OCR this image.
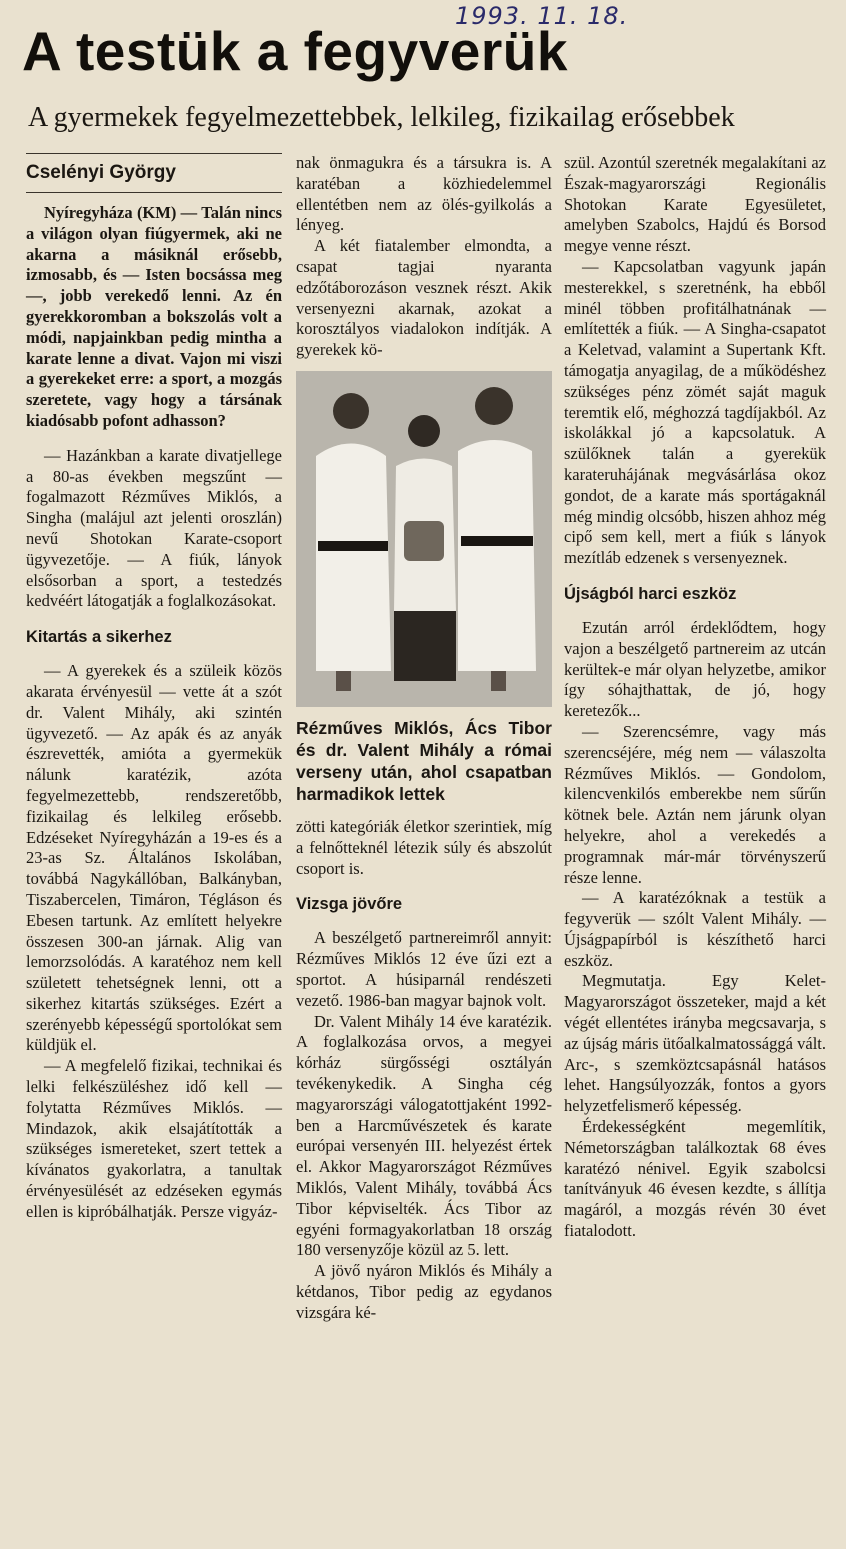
1993. 11. 18.
A testük a fegyverük
A gyermekek fegyelmezettebbek, lelkileg, fizikailag erősebbek
Cselényi György

Nyíregyháza (KM) — Talán nincs a világon olyan fiúgyermek, aki ne akarna a másiknál erősebb, izmosabb, és — Isten bocsássa meg —, jobb verekedő lenni. Az én gyerekkoromban a bokszolás volt a módi, napjainkban pedig mintha a karate lenne a divat. Vajon mi viszi a gyerekeket erre: a sport, a mozgás szeretete, vagy hogy a társának kiadósabb pofont adhasson?

— Hazánkban a karate divatjellege a 80-as években megszűnt — fogalmazott Rézműves Miklós, a Singha (malájul azt jelenti oroszlán) nevű Shotokan Karate-csoport ügyvezetője. — A fiúk, lányok elsősorban a sport, a testedzés kedvéért látogatják a foglalkozásokat.

Kitartás a sikerhez

— A gyerekek és a szüleik közös akarata érvényesül — vette át a szót dr. Valent Mihály, aki szintén ügyvezető. — Az apák és az anyák észrevették, amióta a gyermekük nálunk karatézik, azóta fegyelmezettebb, rendszeretőbb, fizikailag és lelkileg erősebb. Edzéseket Nyíregyházán a 19-es és a 23-as Sz. Általános Iskolában, továbbá Nagykállóban, Balkányban, Tiszabercelen, Timáron, Tégláson és Ebesen tartunk. Az említett helyekre összesen 300-an járnak. Alig van lemorzsolódás. A karatéhoz nem kell született tehetségnek lenni, ott a sikerhez kitartás szükséges. Ezért a szerényebb képességű sportolókat sem küldjük el.

— A megfelelő fizikai, technikai és lelki felkészüléshez idő kell — folytatta Rézműves Miklós. — Mindazok, akik elsajátították a szükséges ismereteket, szert tettek a kívánatos gyakorlatra, a tanultak érvényesülését az edzéseken egymás ellen is kipróbálhatják. Persze vigyáz-

nak önmagukra és a társukra is. A karatéban a közhiedelemmel ellentétben nem az ölés-gyilkolás a lényeg.

A két fiatalember elmondta, a csapat tagjai nyaranta edzőtáborozáson vesznek részt. Akik versenyezni akarnak, azokat a korosztályos viadalokon indítják. A gyerekek kö-

Rézműves Miklós, Ács Tibor és dr. Valent Mihály a római verseny után, ahol csapatban harmadikok lettek

zötti kategóriák életkor szerintiek, míg a felnőtteknél létezik súly és abszolút csoport is.

Vizsga jövőre

A beszélgető partnereimről annyit: Rézműves Miklós 12 éve űzi ezt a sportot. A húsiparnál rendészeti vezető. 1986-ban magyar bajnok volt.

Dr. Valent Mihály 14 éve karatézik. A foglalkozása orvos, a megyei kórház sürgősségi osztályán tevékenykedik. A Singha cég magyarországi válogatottjaként 1992-ben a Harcművészetek és karate európai versenyén III. helyezést értek el. Akkor Magyarországot Rézműves Miklós, Valent Mihály, továbbá Ács Tibor képviselték. Ács Tibor az egyéni formagyakorlatban 18 ország 180 versenyzője közül az 5. lett.

A jövő nyáron Miklós és Mihály a kétdanos, Tibor pedig az egydanos vizsgára ké-

szül. Azontúl szeretnék megalakítani az Észak-magyarországi Regionális Shotokan Karate Egyesületet, amelyben Szabolcs, Hajdú és Borsod megye venne részt.

— Kapcsolatban vagyunk japán mesterekkel, s szeretnénk, ha ebből minél többen profitálhatnának — említették a fiúk. — A Singha-csapatot a Keletvad, valamint a Supertank Kft. támogatja anyagilag, de a működéshez szükséges pénz zömét saját maguk teremtik elő, méghozzá tagdíjakból. Az iskolákkal jó a kapcsolatuk. A szülőknek talán a gyerekük karateruhájának megvásárlása okoz gondot, de a karate más sportágaknál még mindig olcsóbb, hiszen ahhoz még cipő sem kell, mert a fiúk s lányok mezítláb edzenek s versenyeznek.

Újságból harci eszköz

Ezután arról érdeklődtem, hogy vajon a beszélgető partnereim az utcán kerültek-e már olyan helyzetbe, amikor így sóhajthattak, de jó, hogy keretezők...

— Szerencsémre, vagy más szerencséjére, még nem — válaszolta Rézműves Miklós. — Gondolom, kilencvenkilós emberekbe nem sűrűn kötnek bele. Aztán nem járunk olyan helyekre, ahol a verekedés a programnak már-már törvényszerű része lenne.

— A karatézóknak a testük a fegyverük — szólt Valent Mihály. — Újságpapírból is készíthető harci eszköz.

Megmutatja. Egy Kelet-Magyarországot összeteker, majd a két végét ellentétes irányba megcsavarja, s az újság máris ütőalkalmatossággá vált. Arc-, s szemköztcsapásnál hatásos lehet. Hangsúlyozzák, fontos a gyors helyzetfelismerő képesség.

Érdekességként megemlítik, Németországban találkoztak 68 éves karatézó nénivel. Egyik szabolcsi tanítványuk 46 évesen kezdte, s állítja magáról, a mozgás révén 30 évet fiatalodott.
